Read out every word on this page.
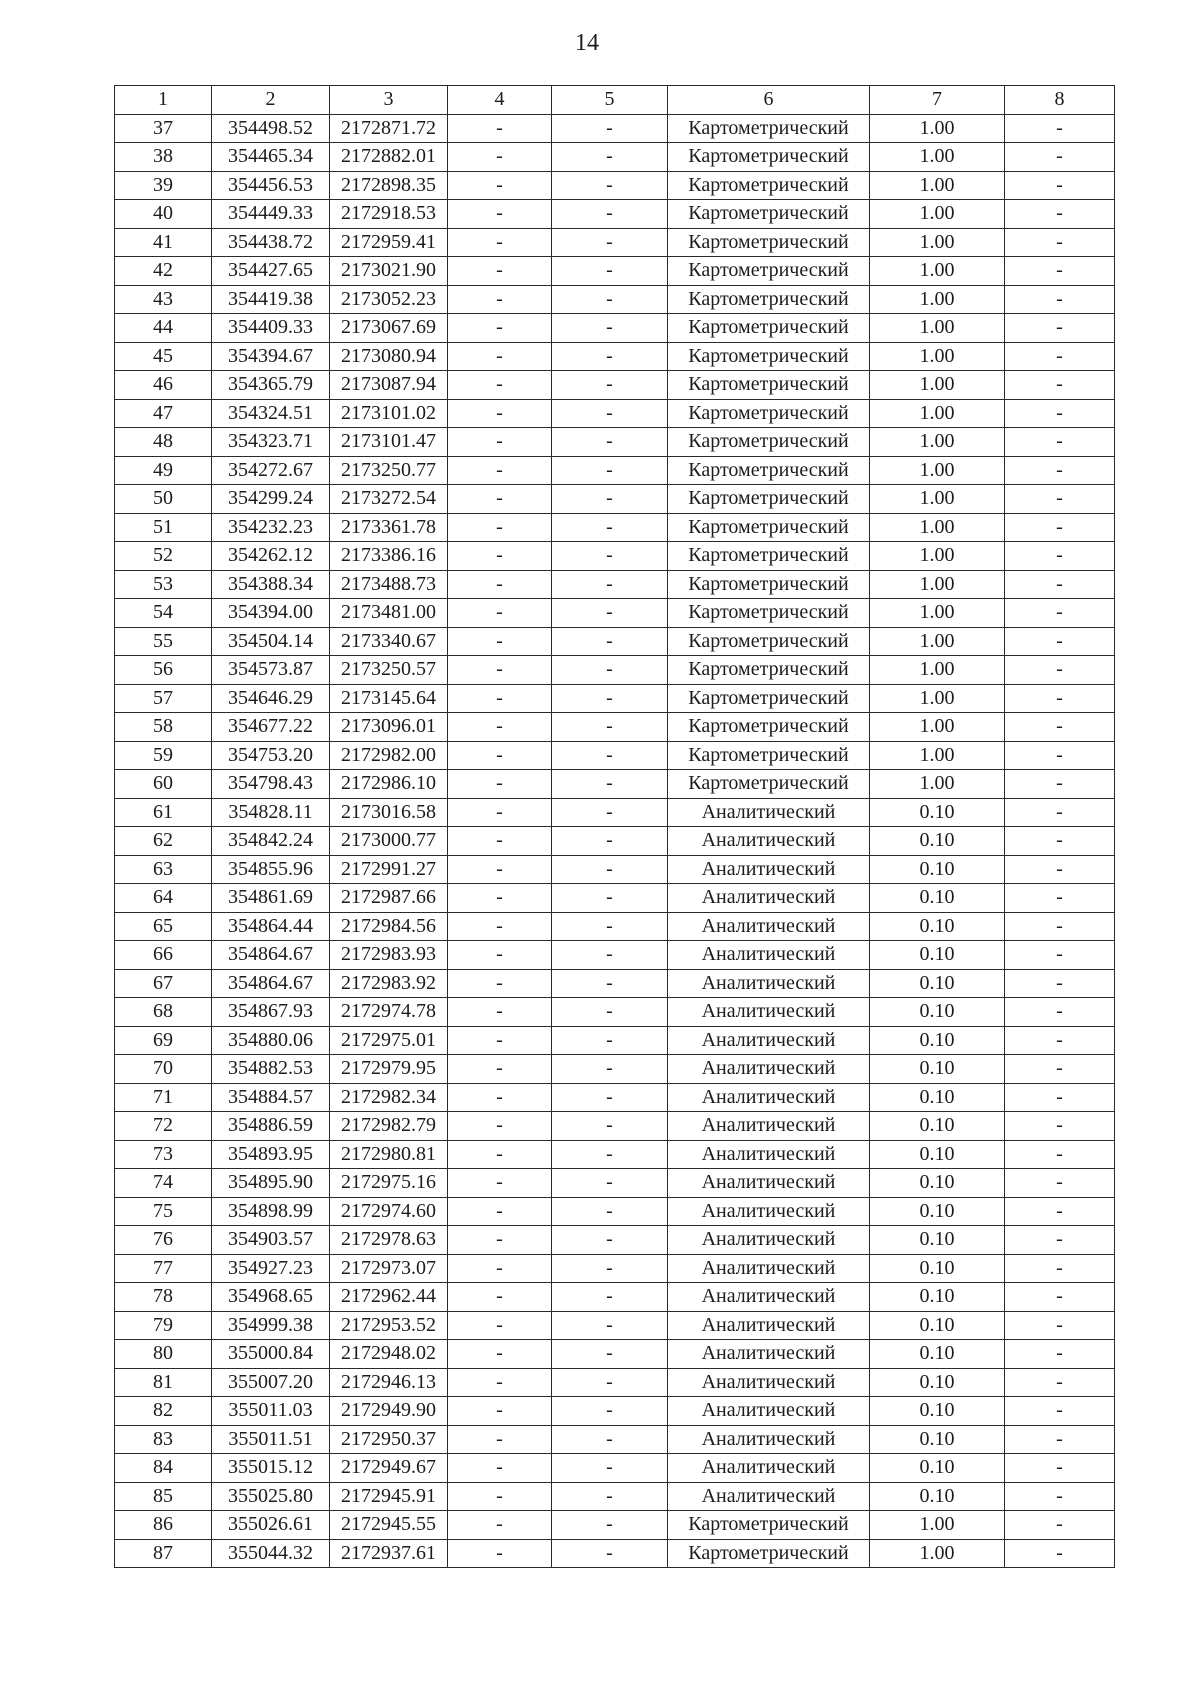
14
1	2	3	4	5	6	7	8
37	354498.52	2172871.72	-	-	Картометрический	1.00	-
38	354465.34	2172882.01	-	-	Картометрический	1.00	-
39	354456.53	2172898.35	-	-	Картометрический	1.00	-
40	354449.33	2172918.53	-	-	Картометрический	1.00	-
41	354438.72	2172959.41	-	-	Картометрический	1.00	-
42	354427.65	2173021.90	-	-	Картометрический	1.00	-
43	354419.38	2173052.23	-	-	Картометрический	1.00	-
44	354409.33	2173067.69	-	-	Картометрический	1.00	-
45	354394.67	2173080.94	-	-	Картометрический	1.00	-
46	354365.79	2173087.94	-	-	Картометрический	1.00	-
47	354324.51	2173101.02	-	-	Картометрический	1.00	-
48	354323.71	2173101.47	-	-	Картометрический	1.00	-
49	354272.67	2173250.77	-	-	Картометрический	1.00	-
50	354299.24	2173272.54	-	-	Картометрический	1.00	-
51	354232.23	2173361.78	-	-	Картометрический	1.00	-
52	354262.12	2173386.16	-	-	Картометрический	1.00	-
53	354388.34	2173488.73	-	-	Картометрический	1.00	-
54	354394.00	2173481.00	-	-	Картометрический	1.00	-
55	354504.14	2173340.67	-	-	Картометрический	1.00	-
56	354573.87	2173250.57	-	-	Картометрический	1.00	-
57	354646.29	2173145.64	-	-	Картометрический	1.00	-
58	354677.22	2173096.01	-	-	Картометрический	1.00	-
59	354753.20	2172982.00	-	-	Картометрический	1.00	-
60	354798.43	2172986.10	-	-	Картометрический	1.00	-
61	354828.11	2173016.58	-	-	Аналитический	0.10	-
62	354842.24	2173000.77	-	-	Аналитический	0.10	-
63	354855.96	2172991.27	-	-	Аналитический	0.10	-
64	354861.69	2172987.66	-	-	Аналитический	0.10	-
65	354864.44	2172984.56	-	-	Аналитический	0.10	-
66	354864.67	2172983.93	-	-	Аналитический	0.10	-
67	354864.67	2172983.92	-	-	Аналитический	0.10	-
68	354867.93	2172974.78	-	-	Аналитический	0.10	-
69	354880.06	2172975.01	-	-	Аналитический	0.10	-
70	354882.53	2172979.95	-	-	Аналитический	0.10	-
71	354884.57	2172982.34	-	-	Аналитический	0.10	-
72	354886.59	2172982.79	-	-	Аналитический	0.10	-
73	354893.95	2172980.81	-	-	Аналитический	0.10	-
74	354895.90	2172975.16	-	-	Аналитический	0.10	-
75	354898.99	2172974.60	-	-	Аналитический	0.10	-
76	354903.57	2172978.63	-	-	Аналитический	0.10	-
77	354927.23	2172973.07	-	-	Аналитический	0.10	-
78	354968.65	2172962.44	-	-	Аналитический	0.10	-
79	354999.38	2172953.52	-	-	Аналитический	0.10	-
80	355000.84	2172948.02	-	-	Аналитический	0.10	-
81	355007.20	2172946.13	-	-	Аналитический	0.10	-
82	355011.03	2172949.90	-	-	Аналитический	0.10	-
83	355011.51	2172950.37	-	-	Аналитический	0.10	-
84	355015.12	2172949.67	-	-	Аналитический	0.10	-
85	355025.80	2172945.91	-	-	Аналитический	0.10	-
86	355026.61	2172945.55	-	-	Картометрический	1.00	-
87	355044.32	2172937.61	-	-	Картометрический	1.00	-
